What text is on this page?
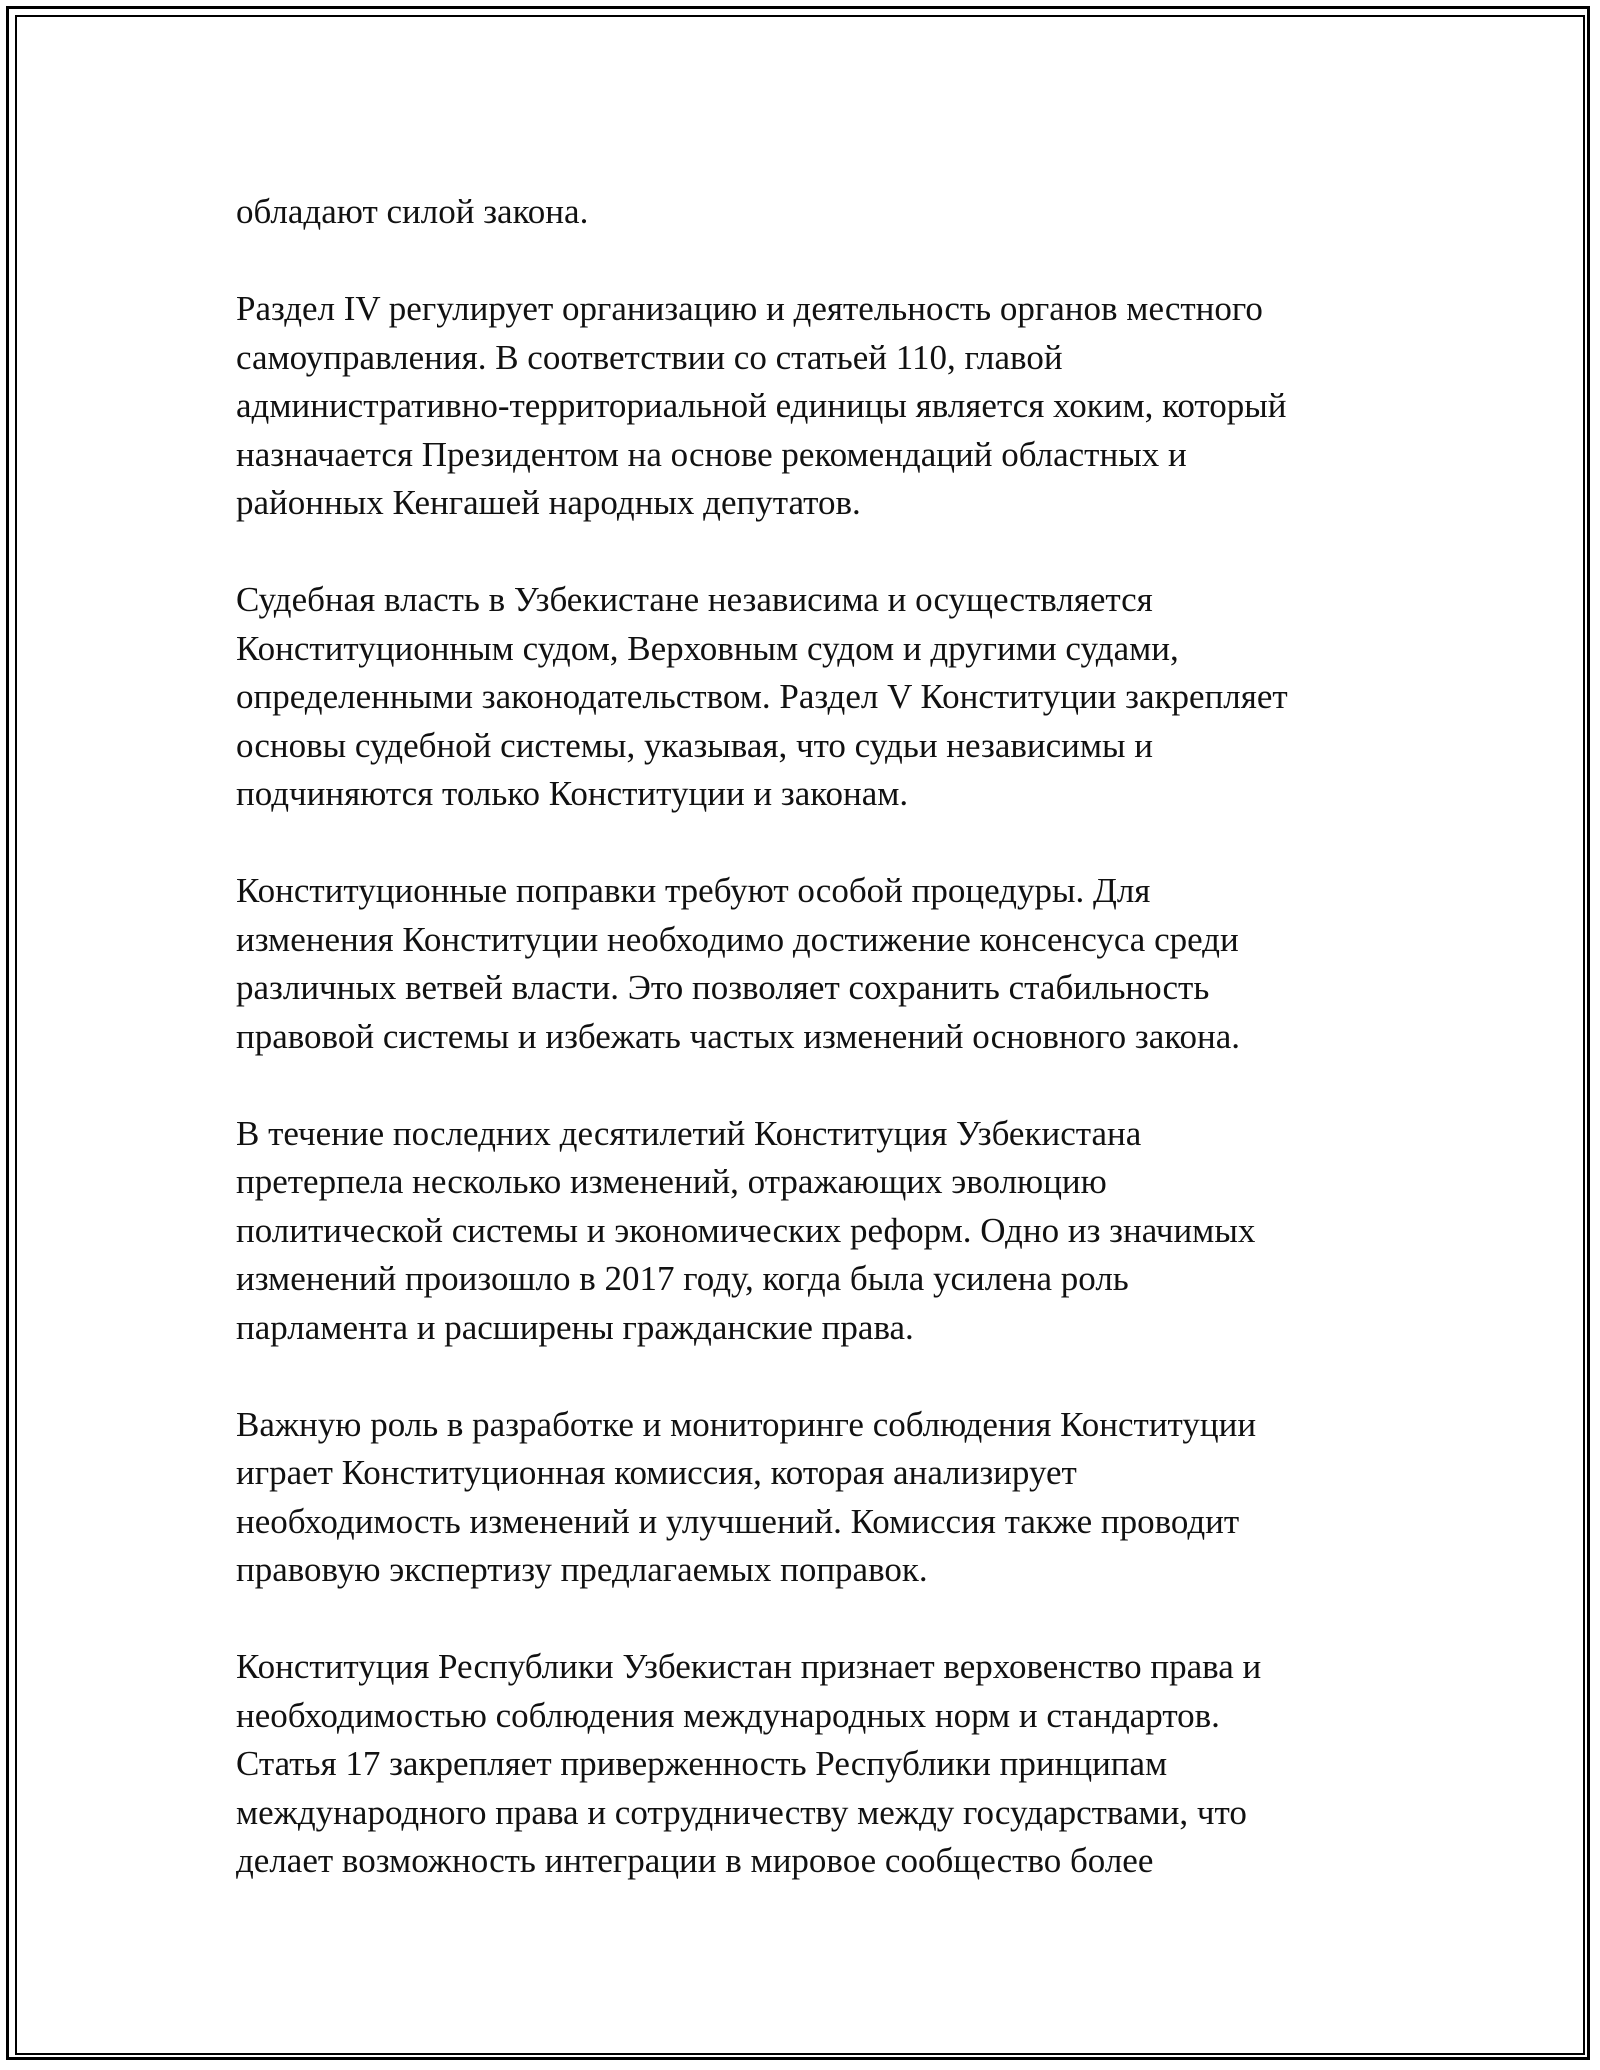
обладают силой закона.

Раздел IV регулирует организацию и деятельность органов местного
самоуправления. В соответствии со статьей 110, главой
административно-территориальной единицы является хоким, который
назначается Президентом на основе рекомендаций областных и
районных Кенгашей народных депутатов.

Судебная власть в Узбекистане независима и осуществляется
Конституционным судом, Верховным судом и другими судами,
определенными законодательством. Раздел V Конституции закрепляет
основы судебной системы, указывая, что судьи независимы и
подчиняются только Конституции и законам.

Конституционные поправки требуют особой процедуры. Для
изменения Конституции необходимо достижение консенсуса среди
различных ветвей власти. Это позволяет сохранить стабильность
правовой системы и избежать частых изменений основного закона.

В течение последних десятилетий Конституция Узбекистана
претерпела несколько изменений, отражающих эволюцию
политической системы и экономических реформ. Одно из значимых
изменений произошло в 2017 году, когда была усилена роль
парламента и расширены гражданские права.

Важную роль в разработке и мониторинге соблюдения Конституции
играет Конституционная комиссия, которая анализирует
необходимость изменений и улучшений. Комиссия также проводит
правовую экспертизу предлагаемых поправок.

Конституция Республики Узбекистан признает верховенство права и
необходимостью соблюдения международных норм и стандартов.
Статья 17 закрепляет приверженность Республики принципам
международного права и сотрудничеству между государствами, что
делает возможность интеграции в мировое сообщество более
